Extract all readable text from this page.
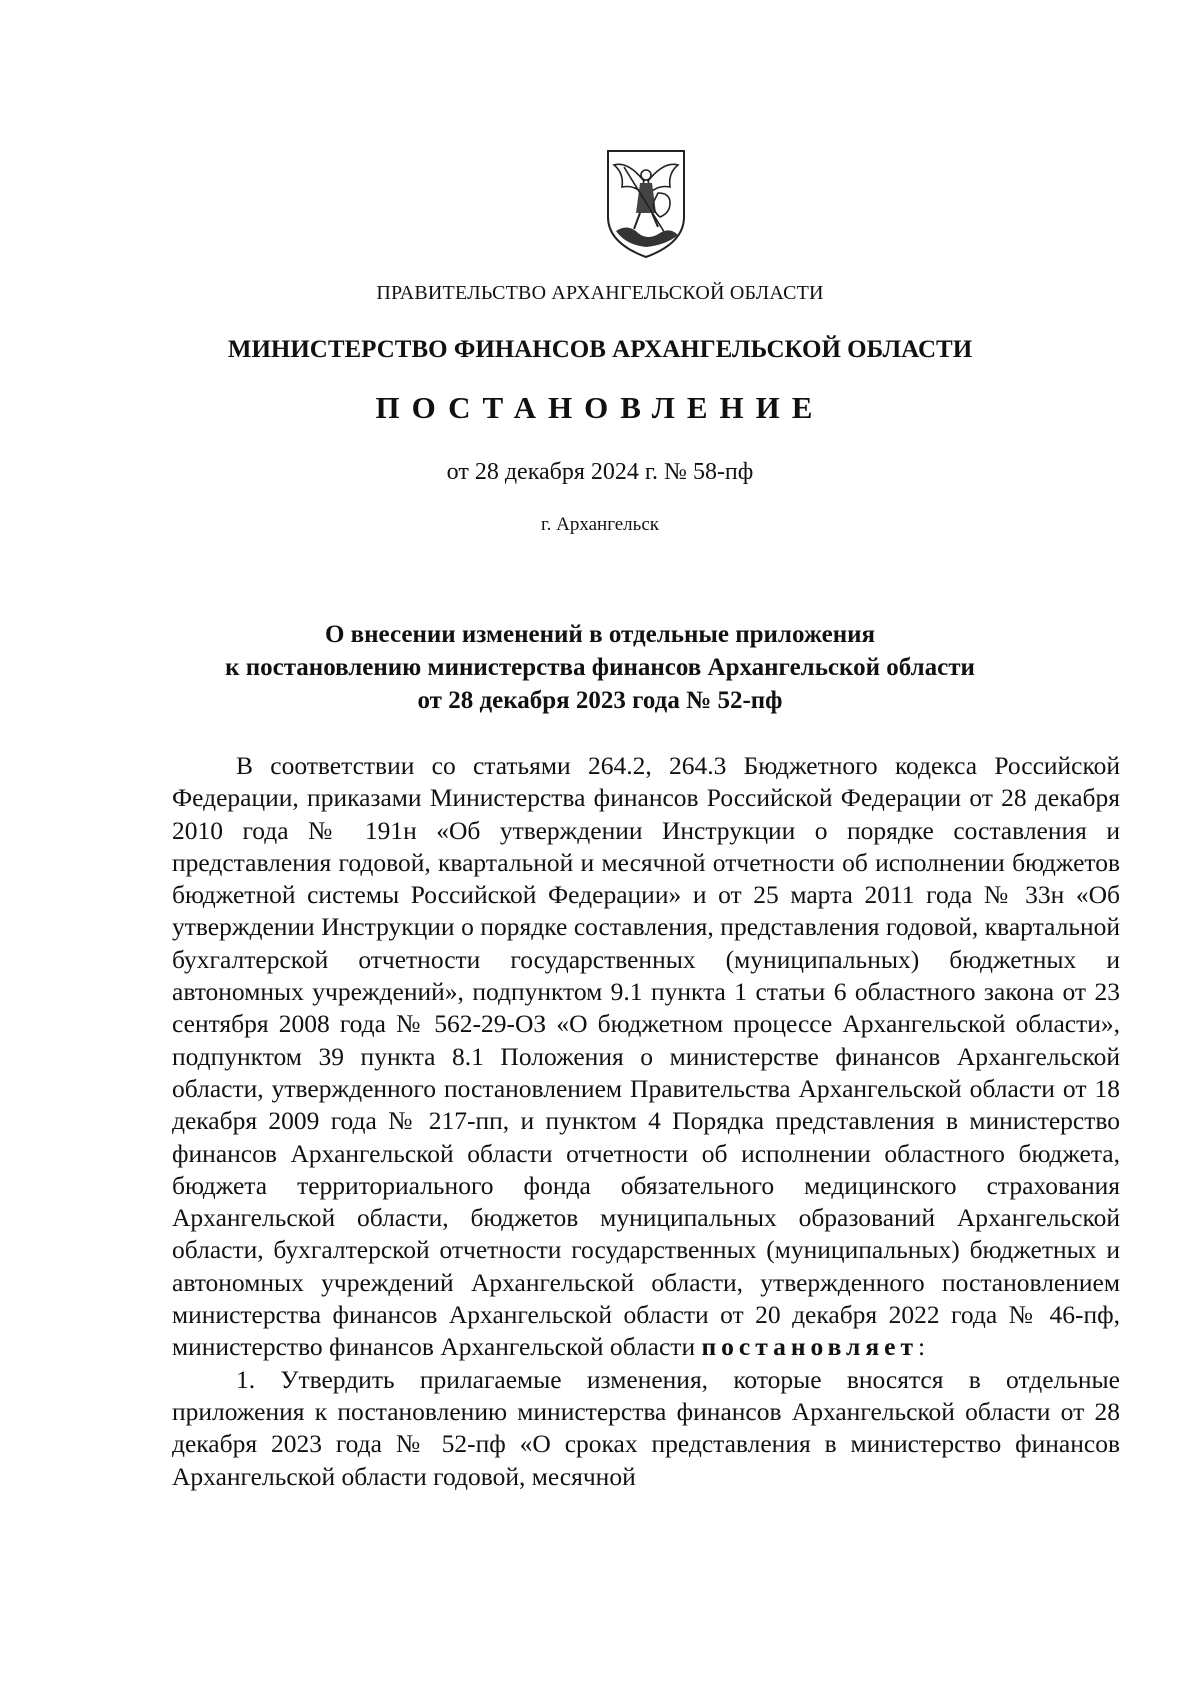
ПРАВИТЕЛЬСТВО АРХАНГЕЛЬСКОЙ ОБЛАСТИ
МИНИСТЕРСТВО ФИНАНСОВ АРХАНГЕЛЬСКОЙ ОБЛАСТИ
ПОСТАНОВЛЕНИЕ
от 28 декабря 2024 г. № 58-пф
г. Архангельск
О внесении изменений в отдельные приложения
к постановлению министерства финансов Архангельской области
от 28 декабря 2023 года № 52-пф

В соответствии со статьями 264.2, 264.3 Бюджетного кодекса Российской Федерации, приказами Министерства финансов Российской Федерации от 28 декабря 2010 года № 191н «Об утверждении Инструкции о порядке составления и представления годовой, квартальной и месячной отчетности об исполнении бюджетов бюджетной системы Российской Федерации» и от 25 марта 2011 года № 33н «Об утверждении Инструкции о порядке составления, представления годовой, квартальной бухгалтерской отчетности государственных (муниципальных) бюджетных и автономных учреждений», подпунктом 9.1 пункта 1 статьи 6 областного закона от 23 сентября 2008 года № 562-29-ОЗ «О бюджетном процессе Архангельской области», подпунктом 39 пункта 8.1 Положения о министерстве финансов Архангельской области, утвержденного постановлением Правительства Архангельской области от 18 декабря 2009 года № 217-пп, и пунктом 4 Порядка представления в министерство финансов Архангельской области отчетности об исполнении областного бюджета, бюджета территориального фонда обязательного медицинского страхования Архангельской области, бюджетов муниципальных образований Архангельской области, бухгалтерской отчетности государственных (муниципальных) бюджетных и автономных учреждений Архангельской области, утвержденного постановлением министерства финансов Архангельской области от 20 декабря 2022 года № 46-пф, министерство финансов Архангельской области постановляет:

1. Утвердить прилагаемые изменения, которые вносятся в отдельные приложения к постановлению министерства финансов Архангельской области от 28 декабря 2023 года № 52-пф «О сроках представления в министерство финансов Архангельской области годовой, месячной
